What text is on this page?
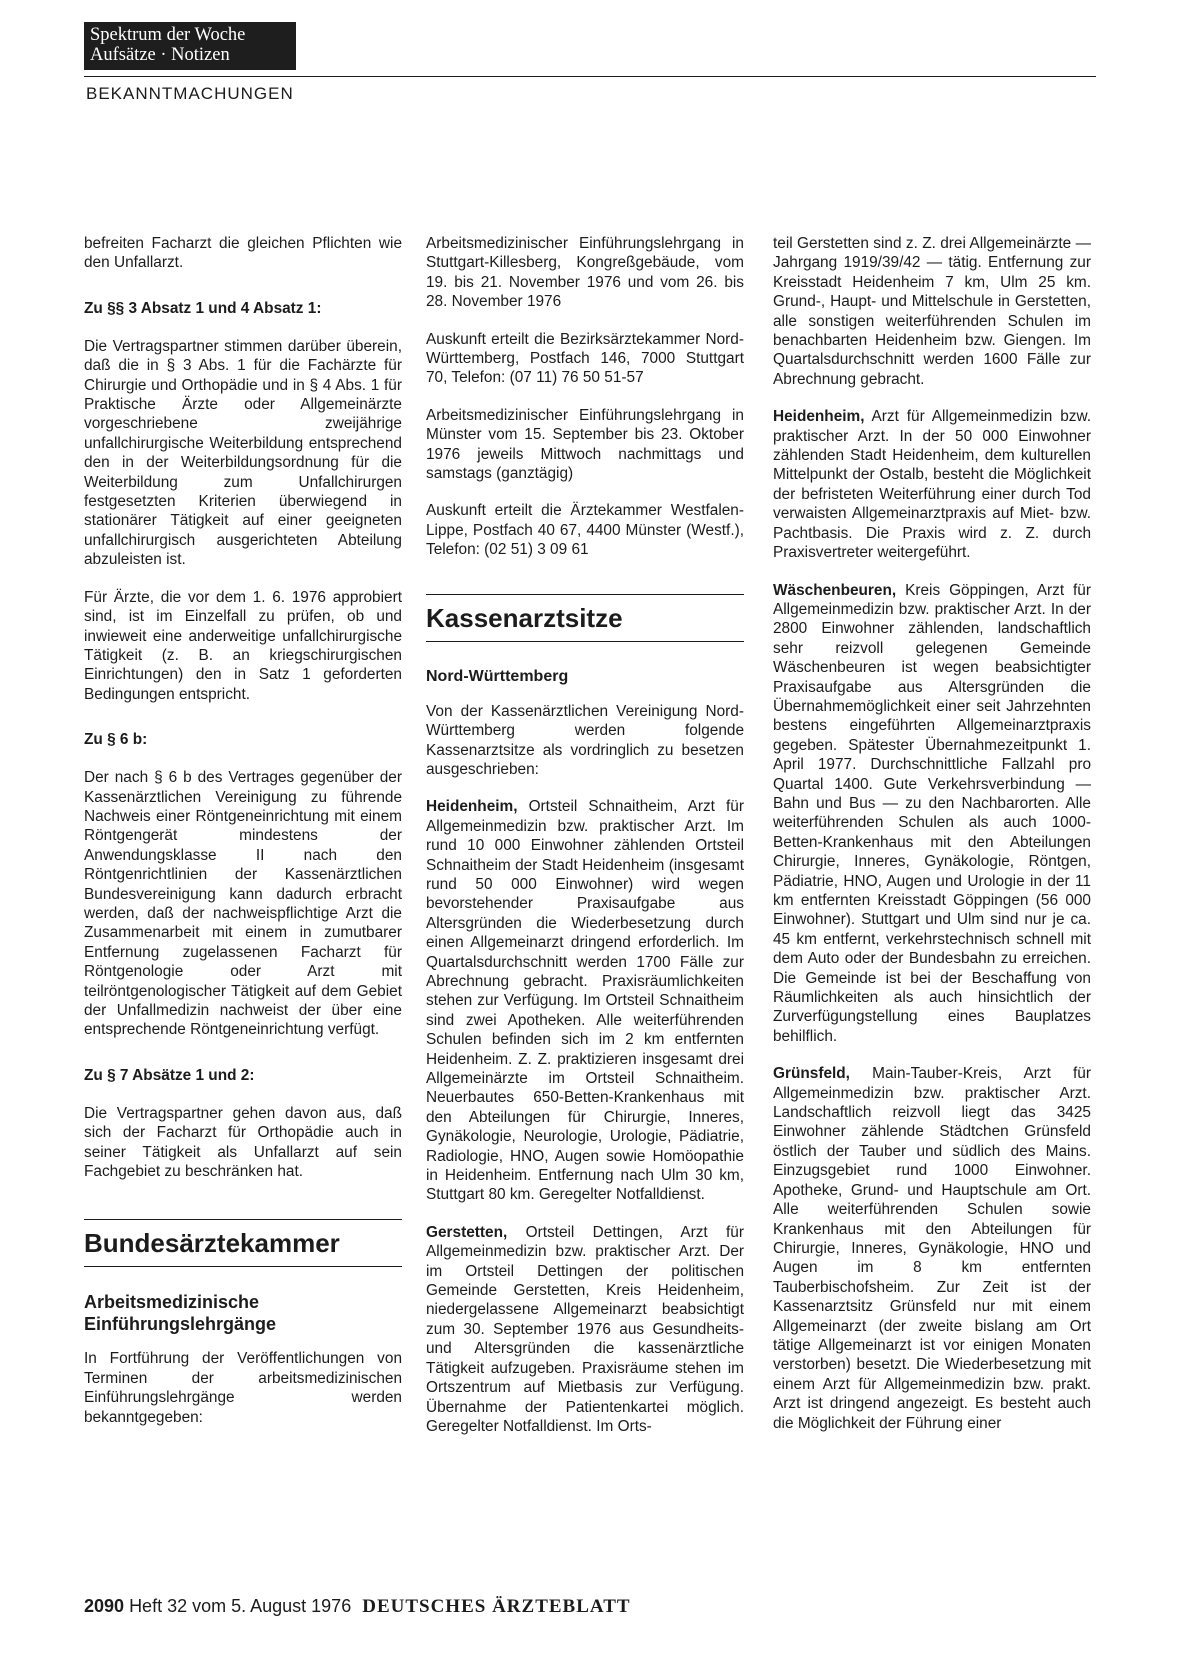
Spektrum der Woche
Aufsätze · Notizen
BEKANNTMACHUNGEN

befreiten Facharzt die gleichen Pflichten wie den Unfallarzt.

Zu §§ 3 Absatz 1 und 4 Absatz 1:

Die Vertragspartner stimmen darüber überein, daß die in § 3 Abs. 1 für die Fachärzte für Chirurgie und Orthopädie und in § 4 Abs. 1 für Praktische Ärzte oder Allgemeinärzte vorgeschriebene zweijährige unfallchirurgische Weiterbildung entsprechend den in der Weiterbildungsordnung für die Weiterbildung zum Unfallchirurgen festgesetzten Kriterien überwiegend in stationärer Tätigkeit auf einer geeigneten unfallchirurgisch ausgerichteten Abteilung abzuleisten ist.

Für Ärzte, die vor dem 1. 6. 1976 approbiert sind, ist im Einzelfall zu prüfen, ob und inwieweit eine anderweitige unfallchirurgische Tätigkeit (z. B. an kriegschirurgischen Einrichtungen) den in Satz 1 geforderten Bedingungen entspricht.

Zu § 6 b:

Der nach § 6 b des Vertrages gegenüber der Kassenärztlichen Vereinigung zu führende Nachweis einer Röntgeneinrichtung mit einem Röntgengerät mindestens der Anwendungsklasse II nach den Röntgenrichtlinien der Kassenärztlichen Bundesvereinigung kann dadurch erbracht werden, daß der nachweispflichtige Arzt die Zusammenarbeit mit einem in zumutbarer Entfernung zugelassenen Facharzt für Röntgenologie oder Arzt mit teilröntgenologischer Tätigkeit auf dem Gebiet der Unfallmedizin nachweist der über eine entsprechende Röntgeneinrichtung verfügt.

Zu § 7 Absätze 1 und 2:

Die Vertragspartner gehen davon aus, daß sich der Facharzt für Orthopädie auch in seiner Tätigkeit als Unfallarzt auf sein Fachgebiet zu beschränken hat.

Bundesärztekammer
Arbeitsmedizinische Einführungslehrgänge

In Fortführung der Veröffentlichungen von Terminen der arbeitsmedizinischen Einführungslehrgänge werden bekanntgegeben:

Arbeitsmedizinischer Einführungslehrgang in Stuttgart-Killesberg, Kongreßgebäude, vom 19. bis 21. November 1976 und vom 26. bis 28. November 1976

Auskunft erteilt die Bezirksärztekammer Nord-Württemberg, Postfach 146, 7000 Stuttgart 70, Telefon: (07 11) 76 50 51-57

Arbeitsmedizinischer Einführungslehrgang in Münster vom 15. September bis 23. Oktober 1976 jeweils Mittwoch nachmittags und samstags (ganztägig)

Auskunft erteilt die Ärztekammer Westfalen-Lippe, Postfach 40 67, 4400 Münster (Westf.), Telefon: (02 51) 3 09 61

Kassenarztsitze
Nord-Württemberg

Von der Kassenärztlichen Vereinigung Nord-Württemberg werden folgende Kassenarztsitze als vordringlich zu besetzen ausgeschrieben:

Heidenheim, Ortsteil Schnaitheim, Arzt für Allgemeinmedizin bzw. praktischer Arzt. Im rund 10 000 Einwohner zählenden Ortsteil Schnaitheim der Stadt Heidenheim (insgesamt rund 50 000 Einwohner) wird wegen bevorstehender Praxisaufgabe aus Altersgründen die Wiederbesetzung durch einen Allgemeinarzt dringend erforderlich. Im Quartalsdurchschnitt werden 1700 Fälle zur Abrechnung gebracht. Praxisräumlichkeiten stehen zur Verfügung. Im Ortsteil Schnaitheim sind zwei Apotheken. Alle weiterführenden Schulen befinden sich im 2 km entfernten Heidenheim. Z. Z. praktizieren insgesamt drei Allgemeinärzte im Ortsteil Schnaitheim. Neuerbautes 650-Betten-Krankenhaus mit den Abteilungen für Chirurgie, Inneres, Gynäkologie, Neurologie, Urologie, Pädiatrie, Radiologie, HNO, Augen sowie Homöopathie in Heidenheim. Entfernung nach Ulm 30 km, Stuttgart 80 km. Geregelter Notfalldienst.

Gerstetten, Ortsteil Dettingen, Arzt für Allgemeinmedizin bzw. praktischer Arzt. Der im Ortsteil Dettingen der politischen Gemeinde Gerstetten, Kreis Heidenheim, niedergelassene Allgemeinarzt beabsichtigt zum 30. September 1976 aus Gesundheits- und Altersgründen die kassenärztliche Tätigkeit aufzugeben. Praxisräume stehen im Ortszentrum auf Mietbasis zur Verfügung. Übernahme der Patientenkartei möglich. Geregelter Notfalldienst. Im Orts-

teil Gerstetten sind z. Z. drei Allgemeinärzte — Jahrgang 1919/39/42 — tätig. Entfernung zur Kreisstadt Heidenheim 7 km, Ulm 25 km. Grund-, Haupt- und Mittelschule in Gerstetten, alle sonstigen weiterführenden Schulen im benachbarten Heidenheim bzw. Giengen. Im Quartalsdurchschnitt werden 1600 Fälle zur Abrechnung gebracht.

Heidenheim, Arzt für Allgemeinmedizin bzw. praktischer Arzt. In der 50 000 Einwohner zählenden Stadt Heidenheim, dem kulturellen Mittelpunkt der Ostalb, besteht die Möglichkeit der befristeten Weiterführung einer durch Tod verwaisten Allgemeinarztpraxis auf Miet- bzw. Pachtbasis. Die Praxis wird z. Z. durch Praxisvertreter weitergeführt.

Wäschenbeuren, Kreis Göppingen, Arzt für Allgemeinmedizin bzw. praktischer Arzt. In der 2800 Einwohner zählenden, landschaftlich sehr reizvoll gelegenen Gemeinde Wäschenbeuren ist wegen beabsichtigter Praxisaufgabe aus Altersgründen die Übernahmemöglichkeit einer seit Jahrzehnten bestens eingeführten Allgemeinarztpraxis gegeben. Spätester Übernahmezeitpunkt 1. April 1977. Durchschnittliche Fallzahl pro Quartal 1400. Gute Verkehrsverbindung — Bahn und Bus — zu den Nachbarorten. Alle weiterführenden Schulen als auch 1000-Betten-Krankenhaus mit den Abteilungen Chirurgie, Inneres, Gynäkologie, Röntgen, Pädiatrie, HNO, Augen und Urologie in der 11 km entfernten Kreisstadt Göppingen (56 000 Einwohner). Stuttgart und Ulm sind nur je ca. 45 km entfernt, verkehrstechnisch schnell mit dem Auto oder der Bundesbahn zu erreichen. Die Gemeinde ist bei der Beschaffung von Räumlichkeiten als auch hinsichtlich der Zurverfügungstellung eines Bauplatzes behilflich.

Grünsfeld, Main-Tauber-Kreis, Arzt für Allgemeinmedizin bzw. praktischer Arzt. Landschaftlich reizvoll liegt das 3425 Einwohner zählende Städtchen Grünsfeld östlich der Tauber und südlich des Mains. Einzugsgebiet rund 1000 Einwohner. Apotheke, Grund- und Hauptschule am Ort. Alle weiterführenden Schulen sowie Krankenhaus mit den Abteilungen für Chirurgie, Inneres, Gynäkologie, HNO und Augen im 8 km entfernten Tauberbischofsheim. Zur Zeit ist der Kassenarztsitz Grünsfeld nur mit einem Allgemeinarzt (der zweite bislang am Ort tätige Allgemeinarzt ist vor einigen Monaten verstorben) besetzt. Die Wiederbesetzung mit einem Arzt für Allgemeinmedizin bzw. prakt. Arzt ist dringend angezeigt. Es besteht auch die Möglichkeit der Führung einer

2090 Heft 32 vom 5. August 1976 DEUTSCHES ÄRZTEBLATT
